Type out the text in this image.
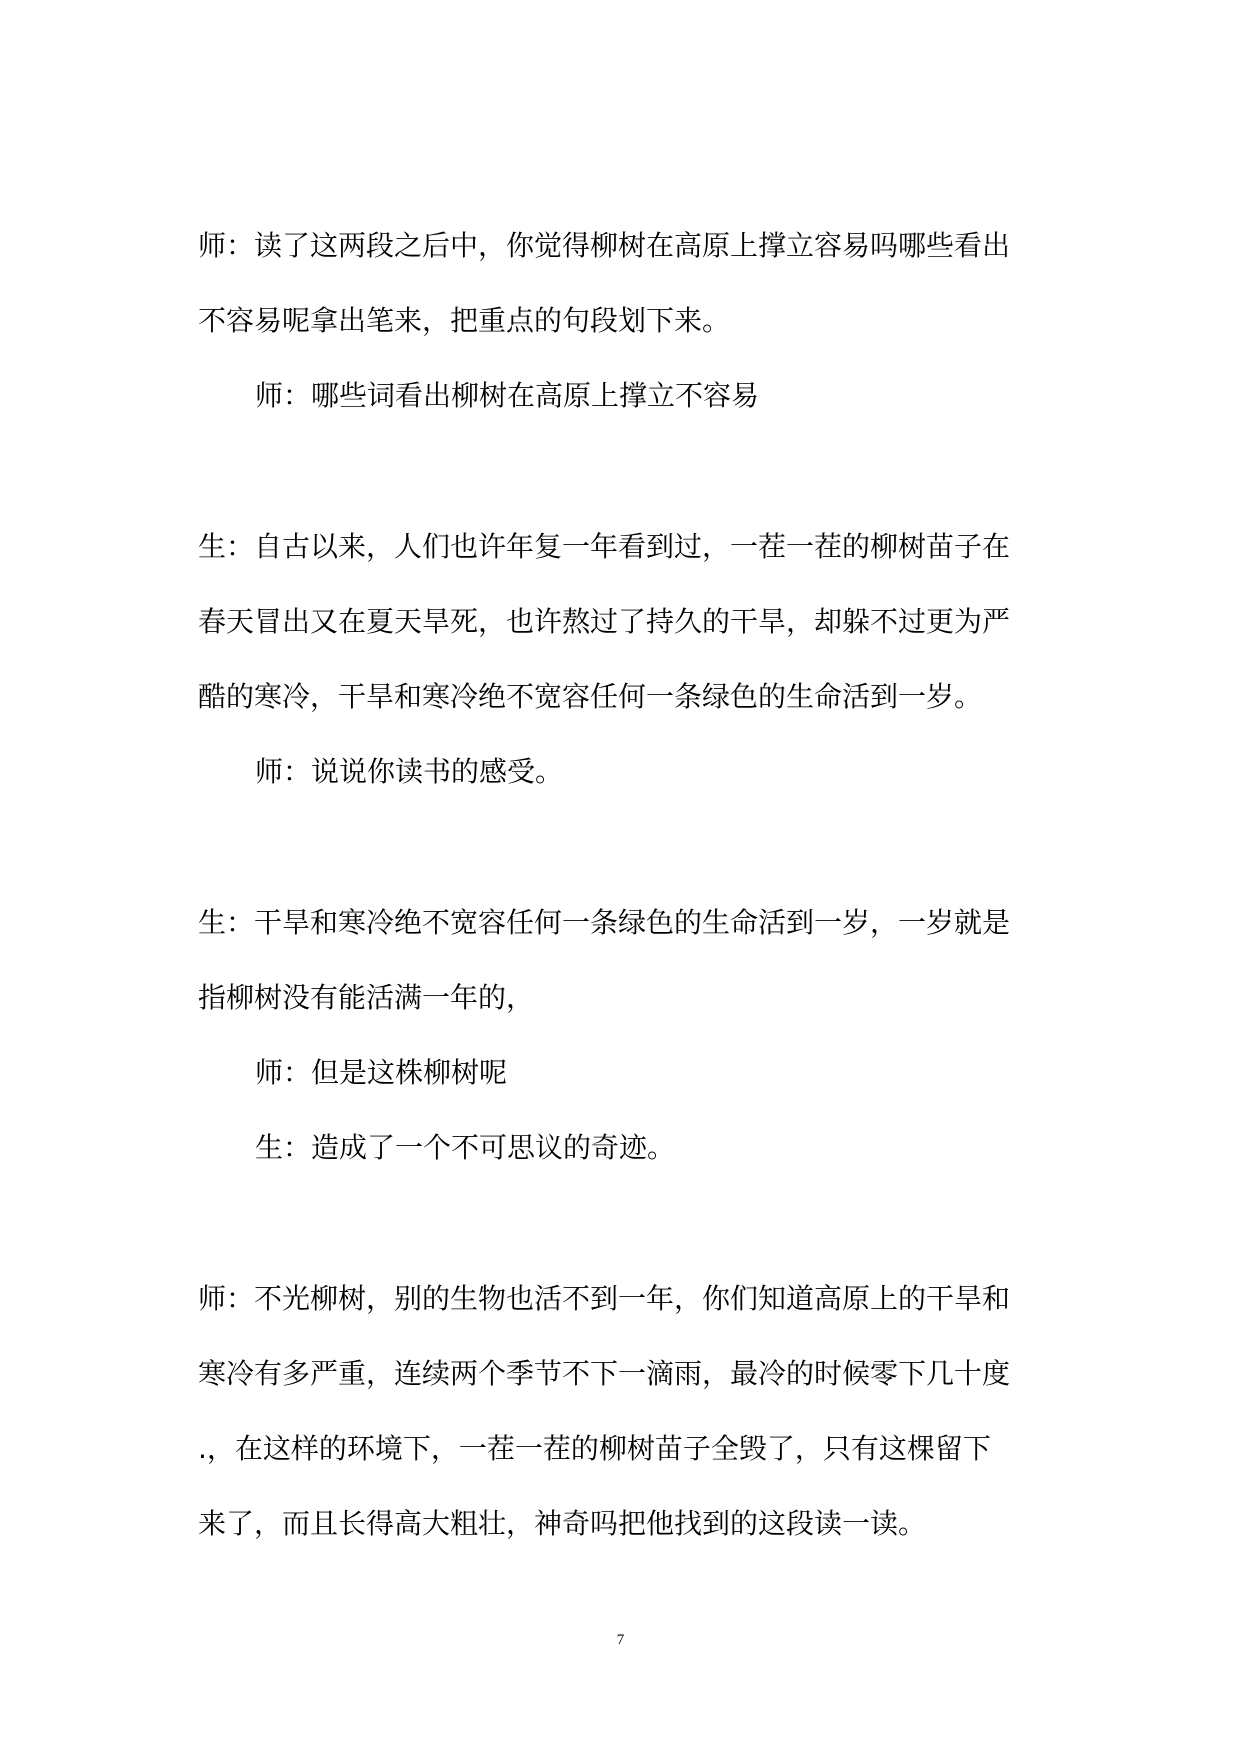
师：读了这两段之后中，你觉得柳树在高原上撑立容易吗哪些看出

不容易呢拿出笔来，把重点的句段划下来。

师：哪些词看出柳树在高原上撑立不容易

生：自古以来，人们也许年复一年看到过，一茬一茬的柳树苗子在

春天冒出又在夏天旱死，也许熬过了持久的干旱，却躲不过更为严

酷的寒冷，干旱和寒冷绝不宽容任何一条绿色的生命活到一岁。

师：说说你读书的感受。

生：干旱和寒冷绝不宽容任何一条绿色的生命活到一岁，一岁就是

指柳树没有能活满一年的，

师：但是这株柳树呢

生：造成了一个不可思议的奇迹。

师：不光柳树，别的生物也活不到一年，你们知道高原上的干旱和

寒冷有多严重，连续两个季节不下一滴雨，最冷的时候零下几十度

.，在这样的环境下，一茬一茬的柳树苗子全毁了，只有这棵留下

来了，而且长得高大粗壮，神奇吗把他找到的这段读一读。

7
